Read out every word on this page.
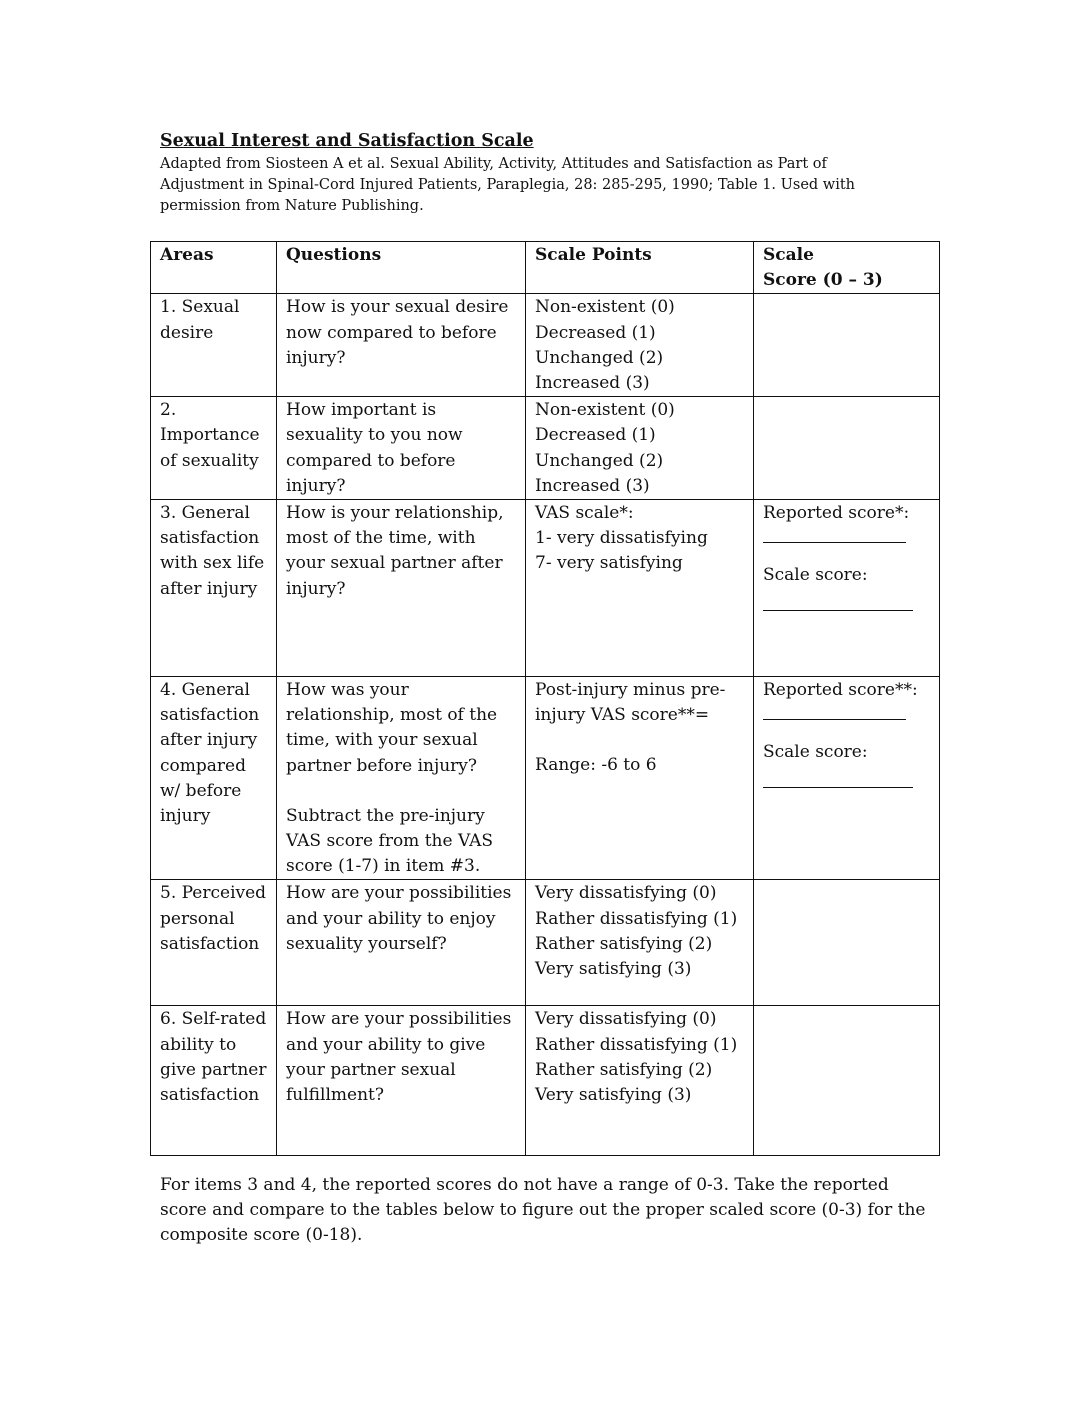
Sexual Interest and Satisfaction Scale

Adapted from Siosteen A et al. Sexual Ability, Activity, Attitudes and Satisfaction as Part of Adjustment in Spinal-Cord Injured Patients, Paraplegia, 28: 285-295, 1990; Table 1. Used with permission from Nature Publishing.

Areas	Questions	Scale Points	Scale
Score (0 – 3)

1. Sexual desire	How is your sexual desire now compared to before injury?	Non-existent (0)
Decreased (1)
Unchanged (2)
Increased (3)	

2. Importance of sexuality	How important is sexuality to you now compared to before injury?	Non-existent (0)
Decreased (1)
Unchanged (2)
Increased (3)	

3. General satisfaction with sex life after injury	How is your relationship, most of the time, with your sexual partner after injury?	VAS scale*:
1- very dissatisfying
7- very satisfying	Reported score*:
Scale score:

4. General satisfaction after injury compared w/ before injury	How was your relationship, most of the time, with your sexual partner before injury?
Subtract the pre-injury VAS score from the VAS score (1-7) in item #3.	Post-injury minus pre-injury VAS score**=
Range: -6 to 6	Reported score**:
Scale score:

5. Perceived personal satisfaction	How are your possibilities and your ability to enjoy sexuality yourself?	Very dissatisfying (0)
Rather dissatisfying (1)
Rather satisfying (2)
Very satisfying (3)	

6. Self-rated ability to give partner satisfaction	How are your possibilities and your ability to give your partner sexual fulfillment?	Very dissatisfying (0)
Rather dissatisfying (1)
Rather satisfying (2)
Very satisfying (3)	

For items 3 and 4, the reported scores do not have a range of 0-3. Take the reported score and compare to the tables below to figure out the proper scaled score (0-3) for the composite score (0-18).
